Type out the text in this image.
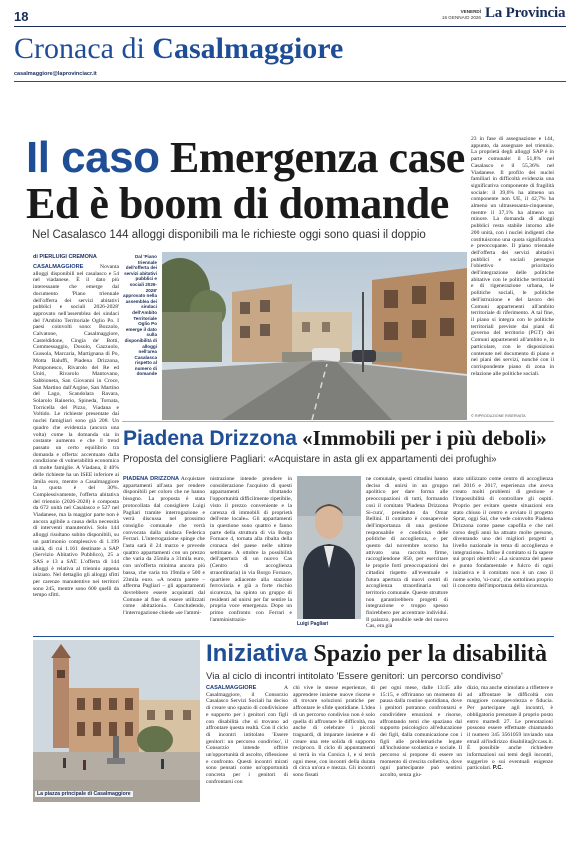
18	VENERDÌ
16 GENNAIO 2026 La Provincia
Cronaca di Casalmaggiore
casalmaggiore@laprovinciacr.it
Il caso Emergenza case
Ed è boom di domande
Nel Casalasco 144 alloggi disponibili ma le richieste oggi sono quasi il doppio
di PIERLUIGI CREMONA
CASALMAGGIORE	Novanta alloggi disponibili nel casalasco e 54 nel viadanese. È il dato più interessante che emerge dal documento 'Piano triennale dell'offerta dei servizi abitativi pubblici e sociali 2026-2028' approvato nell'assemblea dei sindaci del l'Ambito Territoriale Oglio Po. I paesi coinvolti sono: Bozzolo, Calvatone, Casalmaggiore, Casteldidone, Cingia de' Botti, Commessaggio, Dosolo, Gazzuolo, Gussola, Marcaria, Martignana di Po, Motta Baluffi, Piadena Drizzona, Pomponesco, Rivarolo del Re ed Uniti, Rivarolo Mantovano, Sabbioneta, San Giovanni in Croce, San Martino dall'Argine, San Martino del Lago, Scandolara Ravara, Solarolo Rainerio, Spineda, Tornata, Torricella del Pizzo, Viadana e Voltido. Le richieste presentate dai nuclei famigliari sono già 208. Un quadro che evidenzia (ancora una volta) come la domanda sia in costante aumento e che il trend passato un certo equilibrio tra domanda e offerta: accentuato dalla condizione di vulnerabilità economica di molte famiglie. A Viadana, il 40% delle richieste ha un ISEE inferiore ai 3mila euro, mentre a Casalmaggiore la quota è del 30%. Complessivamente, l'offerta abitativa del triennio (2026-2028) è composta da 672 unità nel Casalasco e 527 nel Viadanese, ma la maggior parte non è ancora agibile a causa della necessità di interventi manutentivi. Solo 144 alloggi risultano subito disponibili, su un patrimonio complessivo di 1.199 unità, di cui 1.161 destinate a SAP (Servizio Abitativo Pubblico), 25 a SAS e 13 a SAT. L'offerta di 144 alloggi è relativa al triennio appena iniziato. Nel dettaglio gli alloggi sfitti per carenze manutentive nei territori sono 245, mentre sono 600 quelli da tempo sfitti.
Dal 'Piano triennale dell'offerta dei servizi abitativi pubblici e sociali 2026-2028' approvato nella assemblea dei sindaci dell'Ambito Territoriale Oglio Po emerge il dato sulla disponibilità di alloggi nell'area Casalasca rispetto al numero di domande
23 in fase di assegnazione e 144, appunto, da assegnare nel triennio. La proprietà degli alloggi SAP è in parte comunale: il 51,8% nel Casalasco e il 55,36% nel Viadanese. Il profilo dei nuclei familiari in difficoltà evidenzia una significativa componente di fragilità sociale: il 39,6% ha almeno un componente non UE, il 42,7% ha almeno un ultrasessanta-cinquenne, mentre il 37,1% ha almeno un minore. La domanda di alloggi pubblici resta stabile intorno alle 200 unità, con i nuclei indigenti che costituiscono una quota significativa e preoccupante. Il piano triennale dell'offerta dei servizi abitativi pubblici e sociali persegue l'obiettivo prioritario dell'integrazione delle politiche abitative con le politiche territoriali e di rigenerazione urbana, le politiche sociali, le politiche dell'istruzione e del lavoro dei Comuni appartenenti all'ambito territoriale di riferimento. A tal fine, il piano si integra con le politiche territoriali previste dai piani di governo del territorio (PGT) dei Comuni appartenenti all'ambito e, in particolare, con le disposizioni contenute nel documento di piano e nei piani dei servizi, nonché con il corrispondente piano di zona in relazione alle politiche sociali.
© RIPRODUZIONE RISERVATA
Piadena Drizzona «Immobili per i più deboli»
Proposta del consigliere Pagliari: «Acquistare in asta gli ex appartamenti dei profughi»
PIADENA DRIZZONA Acquistare appartamenti all'asta per rendere disponibili per coloro che ne hanno bisogno. La proposta è stata protocollata dal consigliere Luigi Pagliari tramite interrogazione e verrà discussa nel prossimo consiglio comunale che verrà convocata dalla sindaca Federica Ferrari. L'interrogazione spinge che l'asta sarà il 24 marzo e prevede quattro appartamenti con un prezzo che varia da 25mila a 31mila euro, con un'offerta minima ancora più bassa, che varia tra 19mila e 500 e 23mila euro. «A nostra parere – afferma Pagliari – gli appartamenti dovrebbero essere acquistati dal Comune al fine di essere utilizzati come abitazioni». Concludendo, l'interrogazione chiede «se l'ammi-
nistrazione intende prendere in considerazione l'acquisto di questi appartamenti sfruttando l'opportunità difficilmente ripetibile, visto il prezzo conveniente e la carenza di immobili di proprietà dell'ente locale». Gli appartamenti in questione sono quattro e fanno parte della struttura di via Borgo Fornace 4, tornata alla ribalta della cronaca del paese nelle ultime settimane. A ottobre la possibilità dell'apertura di un nuovo Cas (Centro di accoglienza straordinaria) in via Borgo Fornace, quartiere adiacente alla stazione ferroviaria e già a forte rischio sicurezza, ha spinto un gruppo di residenti ad unirsi per far sentire la propria voce emergenza. Dopo un primo confronto con Ferrari e l'amministrazio-
Luigi Pagliari
ne comunale, questi cittadini hanno deciso di unirsi in un gruppo apolitico per dare forma alle preoccupazioni di tutti, formando così il comitato 'Piadena Drizzona Si-cura', presieduto da Omar Bellini. Il comitato è consapevole dell'importanza di una gestione responsabile e condivisa delle politiche di accoglienza, e per questo dal novembre scorso ha attivato una raccolta firme, raccogliendone 850, per esercitare le proprie forti preoccupazioni dei cittadini rispetto all'eventuale e futura apertura di nuovi centri di accoglienza straordinaria sul territorio comunale. Queste strutture non garantirebbero progetti di integrazione e troppo spesso finirebbero per accentrare individui. Il palazzo, possibile sede del nuovo Cas, era già
stato utilizzato come centro di accoglienza nel 2016 e 2017, esperienza che aveva creato molti problemi di gestione e l'impossibilità di controllare gli ospiti. Proprio per evitare queste situazioni era stato chiuso il centro e avviato il progetto Sprar, oggi Sai, che vede coinvolto Piadena Drizzona come paese capofila e che nel corso degli anni ha attuato molte persone, diventando uno dei migliori progetti a livello nazionale in tema di accoglienza e integrazione». Infine il comitato si fa sapere sui propri obiettivi: «La sicurezza del paese e punto fondamentale e fulcro di ogni iniziativa e il comitato non è un caso il nome scelto, 'si-cura', che sottolinea proprio il concetto dell'importanza della sicurezza.
Iniziativa Spazio per la disabilità
Via al ciclo di incontri intitolato 'Essere genitori: un percorso condiviso'
La piazza principale di Casalmaggiore
CASALMAGGIORE	A Casalmaggiore, il Consorzio Casalasco Servizi Sociali ha deciso di creare uno spazio di condivisione e supporto per i genitori con figli con disabilità che si trovano ad affrontare questa realtà. Con il ciclo di incontri intitolato 'Essere genitori: un percorso condiviso', il Consorzio intende offrire un'opportunità di ascolto, riflessione e confronto. Questi incontri mirati sono pensati come un'opportunità concreta per i genitori di confrontarsi con
chi vive le stesse esperienze, di apprendere insieme nuove risorse e di trovare soluzioni pratiche per affrontare le sfide quotidiane. L'idea di un percorso condiviso non è solo quella di affrontare le difficoltà, ma anche di celebrare i piccoli traguardi, di imparare insieme e di creare una rete solida di supporto reciproco. Il ciclo di appuntamenti si terrà in via Corsica 1, e si terrà ogni mese, con incontri della durata di circa un'ora e mezza. Gli incontri sono fissati
per ogni mese, dalle 13:45 alle 15:15, e offriranno un momento di pausa dalla routine quotidiana, dove i genitori potranno confrontarsi e condividere emozioni e risorse, affrontando temi che spaziano dal supporto psicologico all'educazione dei figli, dalla comunicazione con i figli alle problematiche legate all'inclusione scolastica e sociale. Il percorso si propone di essere un momento di crescita collettiva, dove ogni partecipante può sentirsi accolto, senza giu-
dizio, ma anche stimolato a riflettere e ad affrontare le difficoltà con maggiore consapevolezza e fiducia. Per partecipare agli incontri, è obbligatorio prenotare il proprio posto entro martedì 27. Le prenotazioni possono essere effettuate chiamando il numero 345 3561059 inviando una email all'indirizzo disabilita@ccass.it. È possibile anche richiedere informazioni sui temi degli incontri, suggerire o sui eventuali esigenze particolari. P.C.
